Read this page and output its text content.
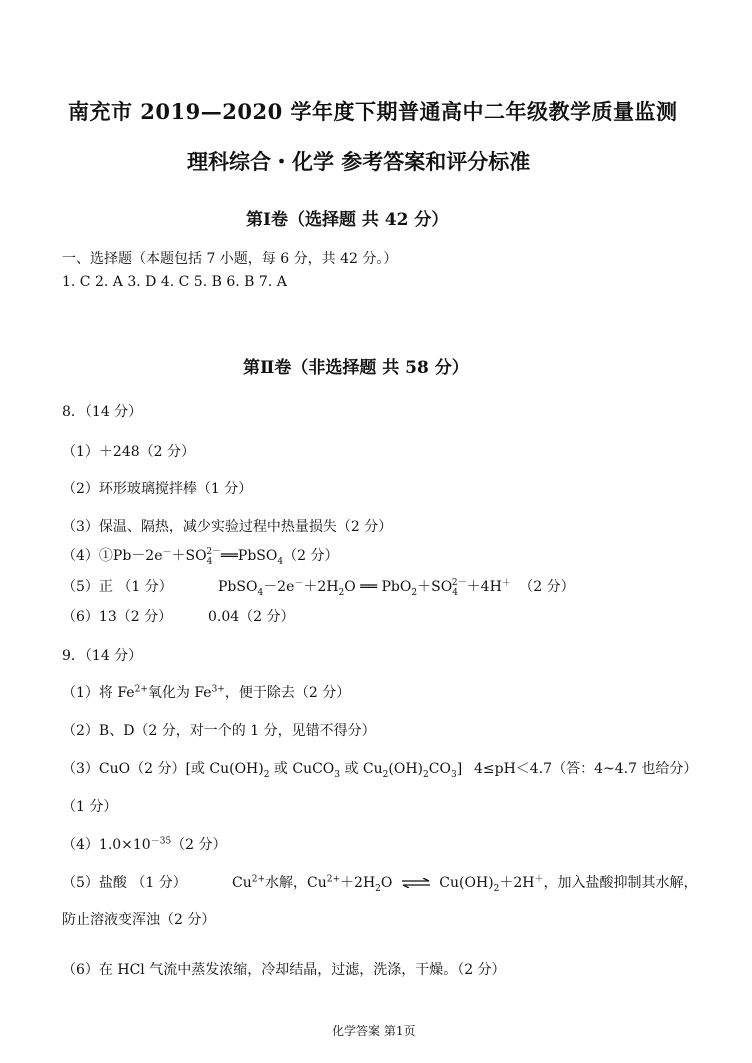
南充市 2019—2020 学年度下期普通高中二年级教学质量监测
理科综合・化学 参考答案和评分标准
第Ⅰ卷（选择题 共 42 分）
一、选择题（本题包括 7 小题，每 6 分，共 42 分。）
1. C 2. A 3. D 4. C 5. B 6. B 7. A
第Ⅱ卷（非选择题 共 58 分）
8．（14 分）
（1）＋248（2 分）
（2）环形玻璃搅拌棒（1 分）
（3）保温、隔热，减少实验过程中热量损失（2 分）
$(4)①Pb-2e^-+SO_4^{2-}══PbSO_4(2$ 分）
（5）正 （1 分）	$PbSO_4-2e^-+2H_2O$ ══ $PbO_2+SO_4^{2-}+4H^+$ （2 分）
（6）13（2 分）	0.04（2 分）
9．（14 分）
（1）将 $Fe^{2+}$氧化为 $Fe^{3+}$，便于除去（2 分）
（2）B、D（2 分，对一个的 1 分，见错不得分）
（3）CuO（2 分）[或 $Cu(OH)_2$ 或 CuCO$_3$ 或 $Cu_2(OH)_2CO_3$] 4≤pH＜4.7（答：4~4.7 也给分）
（1 分）
$(4)1.0\times 10^{-35}(2$ 分）
（5）盐酸 （1 分）	$Cu^{2+}$水解，$Cu^{2+}+2H_2O$ ⇌ $Cu(OH)_2+2H^+$，加入盐酸抑制其水解，
防止溶液变浑浊（2 分）
（6）在 HCl 气流中蒸发浓缩，冷却结晶，过滤，洗涤，干燥。（2 分）
化学答案 第1页
